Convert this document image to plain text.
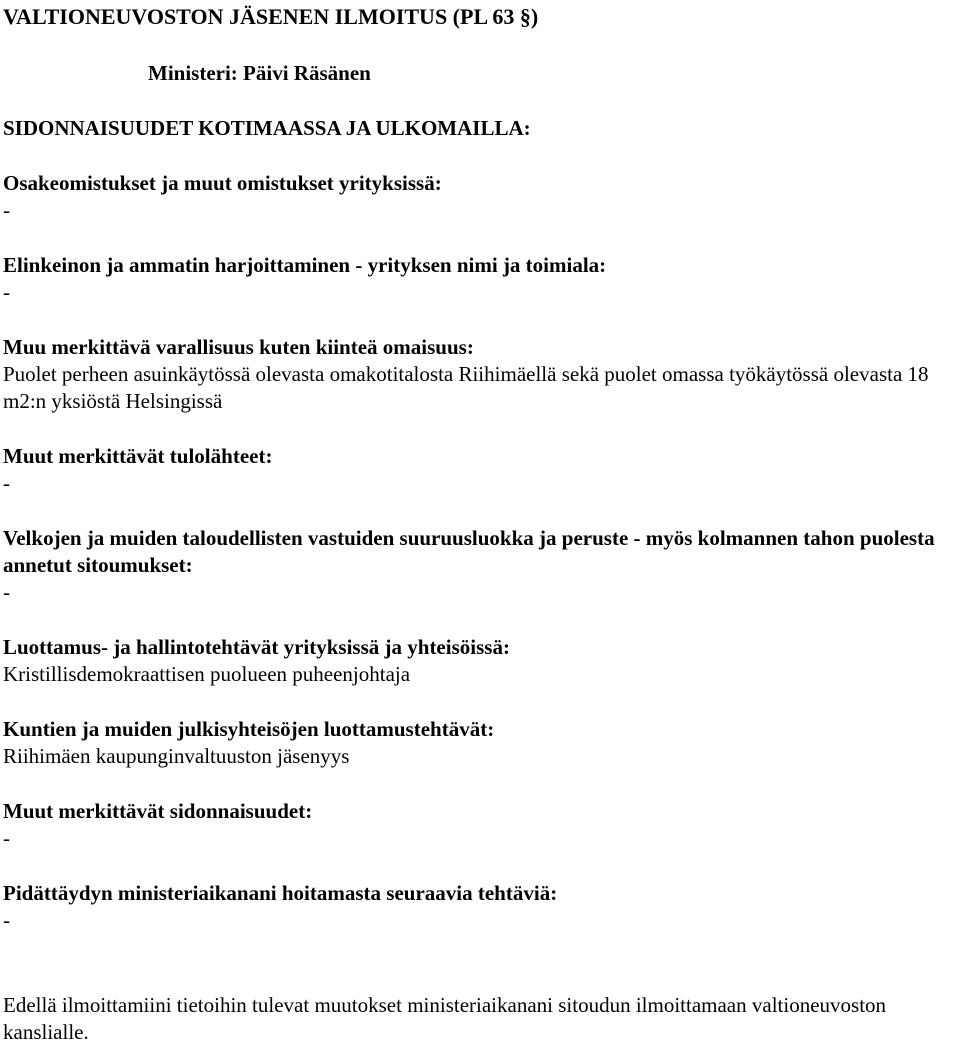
VALTIONEUVOSTON JÄSENEN ILMOITUS (PL 63 §)
Ministeri: Päivi Räsänen
SIDONNAISUUDET KOTIMAASSA JA ULKOMAILLA:
Osakeomistukset ja muut omistukset yrityksissä:
-
Elinkeinon ja ammatin harjoittaminen - yrityksen nimi ja toimiala:
-
Muu merkittävä varallisuus kuten kiinteä omaisuus:
Puolet perheen asuinkäytössä olevasta omakotitalosta Riihimäellä sekä puolet omassa työkäytössä olevasta 18 m2:n yksiöstä Helsingissä
Muut merkittävät tulolähteet:
-
Velkojen ja muiden taloudellisten vastuiden suuruusluokka ja peruste - myös kolmannen tahon puolesta annetut sitoumukset:
-
Luottamus- ja hallintotehtävät yrityksissä ja yhteisöissä:
Kristillisdemokraattisen puolueen puheenjohtaja
Kuntien ja muiden julkisyhteisöjen luottamustehtävät:
Riihimäen kaupunginvaltuuston jäsenyys
Muut merkittävät sidonnaisuudet:
-
Pidättäydyn ministeriaikanani hoitamasta seuraavia tehtäviä:
-
Edellä ilmoittamiini tietoihin tulevat muutokset ministeriaikanani sitoudun ilmoittamaan valtioneuvoston kanslialle.
